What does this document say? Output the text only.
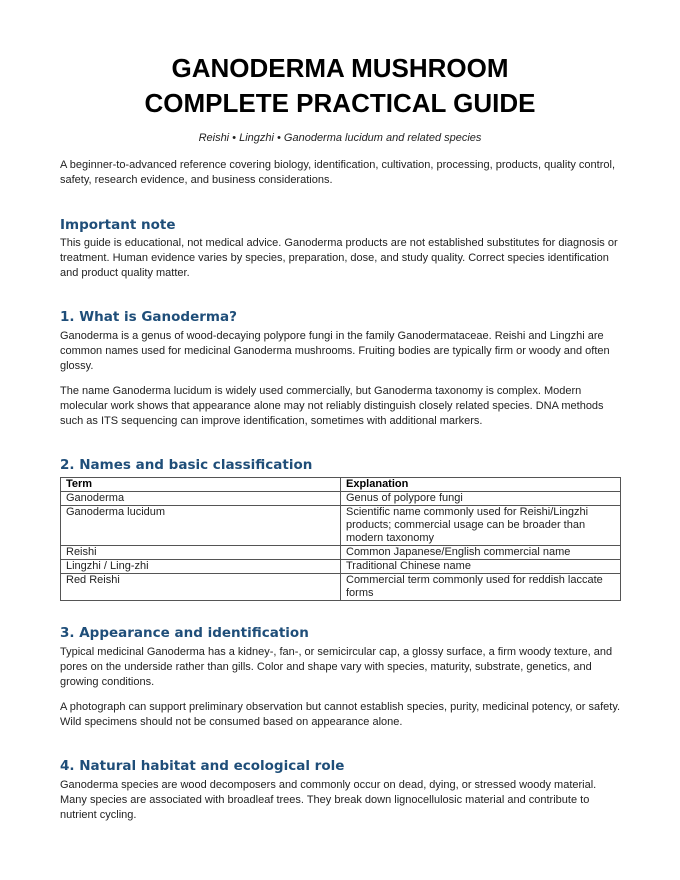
GANODERMA MUSHROOM
COMPLETE PRACTICAL GUIDE
Reishi • Lingzhi • Ganoderma lucidum and related species

A beginner-to-advanced reference covering biology, identification, cultivation, processing, products, quality control, safety, research evidence, and business considerations.

Important note

This guide is educational, not medical advice. Ganoderma products are not established substitutes for diagnosis or treatment. Human evidence varies by species, preparation, dose, and study quality. Correct species identification and product quality matter.

1. What is Ganoderma?

Ganoderma is a genus of wood-decaying polypore fungi in the family Ganodermataceae. Reishi and Lingzhi are common names used for medicinal Ganoderma mushrooms. Fruiting bodies are typically firm or woody and often glossy.

The name Ganoderma lucidum is widely used commercially, but Ganoderma taxonomy is complex. Modern molecular work shows that appearance alone may not reliably distinguish closely related species. DNA methods such as ITS sequencing can improve identification, sometimes with additional markers.

2. Names and basic classification
Term	Explanation
Ganoderma	Genus of polypore fungi
Ganoderma lucidum	Scientific name commonly used for Reishi/Lingzhi products; commercial usage can be broader than modern taxonomy
Reishi	Common Japanese/English commercial name
Lingzhi / Ling-zhi	Traditional Chinese name
Red Reishi	Commercial term commonly used for reddish laccate forms
3. Appearance and identification

Typical medicinal Ganoderma has a kidney-, fan-, or semicircular cap, a glossy surface, a firm woody texture, and pores on the underside rather than gills. Color and shape vary with species, maturity, substrate, genetics, and growing conditions.

A photograph can support preliminary observation but cannot establish species, purity, medicinal potency, or safety. Wild specimens should not be consumed based on appearance alone.

4. Natural habitat and ecological role

Ganoderma species are wood decomposers and commonly occur on dead, dying, or stressed woody material. Many species are associated with broadleaf trees. They break down lignocellulosic material and contribute to nutrient cycling.
